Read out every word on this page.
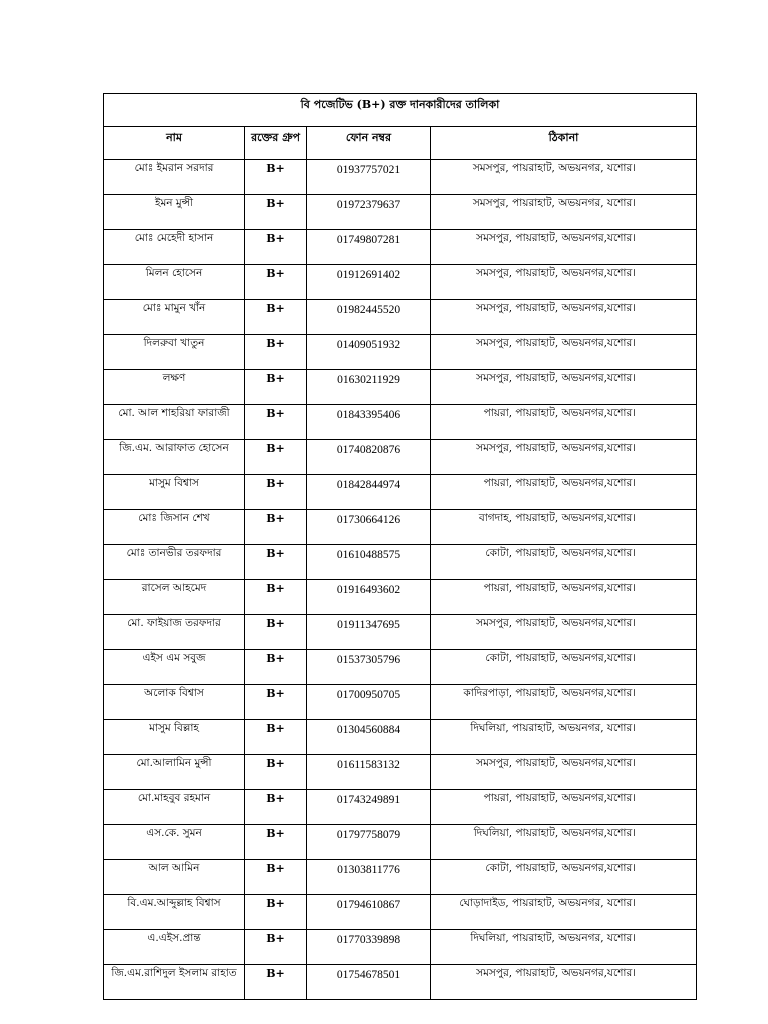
বি পজেটিভ (B+) রক্ত দানকারীদের তালিকা			
নাম	রক্তের গ্রুপ	ফোন নম্বর	ঠিকানা
মোঃ ইমরান সরদার	B+	01937757021	সমসপুর, পায়রাহাট, অভয়নগর, যশোর।
ইমন মুন্সী	B+	01972379637	সমসপুর, পায়রাহাট, অভয়নগর, যশোর।
মোঃ মেহেদী হাসান	B+	01749807281	সমসপুর, পায়রাহাট, অভয়নগর,যশোর।
মিলন হোসেন	B+	01912691402	সমসপুর, পায়রাহাট, অভয়নগর,যশোর।
মোঃ মামুন খাঁন	B+	01982445520	সমসপুর, পায়রাহাট, অভয়নগর,যশোর।
দিলরুবা খাতুন	B+	01409051932	সমসপুর, পায়রাহাট, অভয়নগর,যশোর।
লক্ষণ	B+	01630211929	সমসপুর, পায়রাহাট, অভয়নগর,যশোর।
মো. আল শাহরিয়া ফারাজী	B+	01843395406	পায়রা, পায়রাহাট, অভয়নগর,যশোর।
জি.এম. আরাফাত হোসেন	B+	01740820876	সমসপুর, পায়রাহাট, অভয়নগর,যশোর।
মাসুম বিশ্বাস	B+	01842844974	পায়রা, পায়রাহাট, অভয়নগর,যশোর।
মোঃ জিসান শেখ	B+	01730664126	বাগদাহ, পায়রাহাট, অভয়নগর,যশোর।
মোঃ তানভীর তরফদার	B+	01610488575	কোটা, পায়রাহাট, অভয়নগর,যশোর।
রাসেল আহমেদ	B+	01916493602	পায়রা, পায়রাহাট, অভয়নগর,যশোর।
মো. ফাইয়াজ তরফদার	B+	01911347695	সমসপুর, পায়রাহাট, অভয়নগর,যশোর।
এইস এম সবুজ	B+	01537305796	কোটা, পায়রাহাট, অভয়নগর,যশোর।
অলোক বিশ্বাস	B+	01700950705	কাদিরপাড়া, পায়রাহাট, অভয়নগর,যশোর।
মাসুম বিল্লাহ	B+	01304560884	দিঘলিয়া, পায়রাহাট, অভয়নগর, যশোর।
মো.আলামিন মুন্সী	B+	01611583132	সমসপুর, পায়রাহাট, অভয়নগর,যশোর।
মো.মাহবুব রহমান	B+	01743249891	পায়রা, পায়রাহাট, অভয়নগর,যশোর।
এস.কে. সুমন	B+	01797758079	দিঘলিয়া, পায়রাহাট, অভয়নগর,যশোর।
আল আমিন	B+	01303811776	কোটা, পায়রাহাট, অভয়নগর,যশোর।
বি.এম.আব্দুল্লাহ বিশ্বাস	B+	01794610867	ঘোড়াদাইড, পায়রাহাট, অভয়নগর, যশোর।
এ.এইস.প্রান্ত	B+	01770339898	দিঘলিয়া, পায়রাহাট, অভয়নগর, যশোর।
জি.এম.রাশিদুল ইসলাম রাহাত	B+	01754678501	সমসপুর, পায়রাহাট, অভয়নগর,যশোর।
